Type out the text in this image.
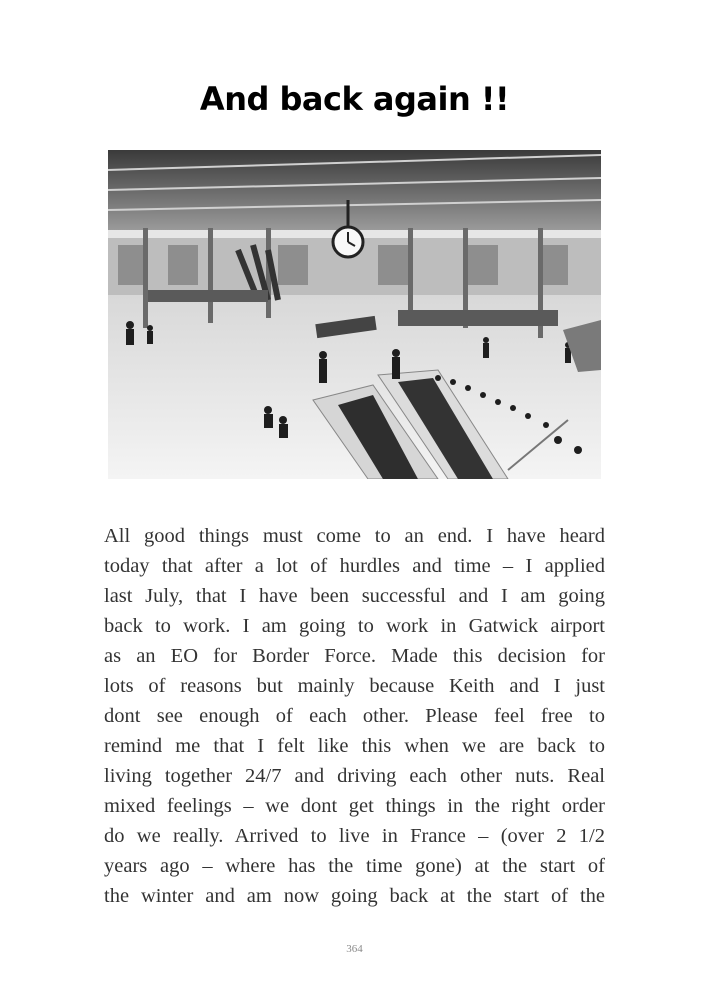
And back again !!
All good things must come to an end. I have heard
today that after a lot of hurdles and time – I applied
last July, that I have been successful and I am going
back to work. I am going to work in Gatwick airport
as an EO for Border Force. Made this decision for
lots of reasons but mainly because Keith and I just
dont see enough of each other. Please feel free to
remind me that I felt like this when we are back to
living together 24/7 and driving each other nuts. Real
mixed feelings – we dont get things in the right order
do we really. Arrived to live in France – (over 2 1/2
years ago – where has the time gone) at the start of
the winter and am now going back at the start of the
364
